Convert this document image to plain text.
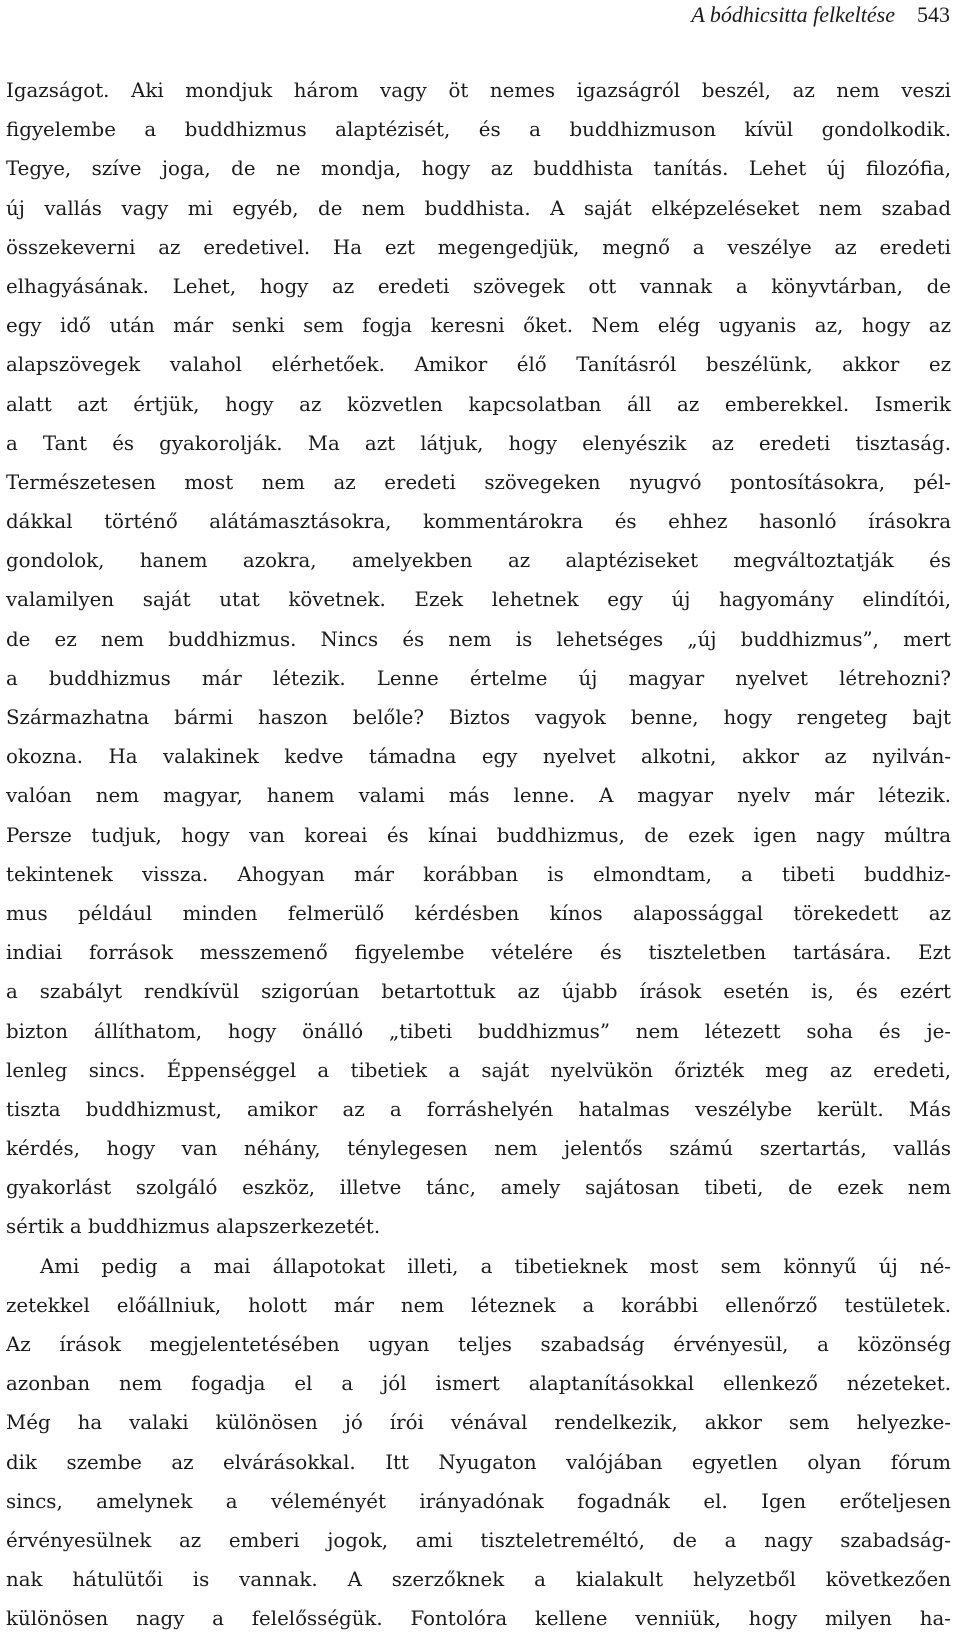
A bódhicsitta felkeltése 543
Igazságot. Aki mondjuk három vagy öt nemes igazságról beszél, az nem veszi
figyelembe a buddhizmus alaptézisét, és a buddhizmuson kívül gondolkodik.
Tegye, szíve joga, de ne mondja, hogy az buddhista tanítás. Lehet új filozófia,
új vallás vagy mi egyéb, de nem buddhista. A saját elképzeléseket nem szabad
összekeverni az eredetivel. Ha ezt megengedjük, megnő a veszélye az eredeti
elhagyásának. Lehet, hogy az eredeti szövegek ott vannak a könyvtárban, de
egy idő után már senki sem fogja keresni őket. Nem elég ugyanis az, hogy az
alapszövegek valahol elérhetőek. Amikor élő Tanításról beszélünk, akkor ez
alatt azt értjük, hogy az közvetlen kapcsolatban áll az emberekkel. Ismerik
a Tant és gyakorolják. Ma azt látjuk, hogy elenyészik az eredeti tisztaság.
Természetesen most nem az eredeti szövegeken nyugvó pontosításokra, pél-
dákkal történő alátámasztásokra, kommentárokra és ehhez hasonló írásokra
gondolok, hanem azokra, amelyekben az alaptéziseket megváltoztatják és
valamilyen saját utat követnek. Ezek lehetnek egy új hagyomány elindítói,
de ez nem buddhizmus. Nincs és nem is lehetséges „új buddhizmus”, mert
a buddhizmus már létezik. Lenne értelme új magyar nyelvet létrehozni?
Származhatna bármi haszon belőle? Biztos vagyok benne, hogy rengeteg bajt
okozna. Ha valakinek kedve támadna egy nyelvet alkotni, akkor az nyilván-
valóan nem magyar, hanem valami más lenne. A magyar nyelv már létezik.
Persze tudjuk, hogy van koreai és kínai buddhizmus, de ezek igen nagy múltra
tekintenek vissza. Ahogyan már korábban is elmondtam, a tibeti buddhiz-
mus például minden felmerülő kérdésben kínos alapossággal törekedett az
indiai források messzemenő figyelembe vételére és tiszteletben tartására. Ezt
a szabályt rendkívül szigorúan betartottuk az újabb írások esetén is, és ezért
bizton állíthatom, hogy önálló „tibeti buddhizmus” nem létezett soha és je-
lenleg sincs. Éppenséggel a tibetiek a saját nyelvükön őrizték meg az eredeti,
tiszta buddhizmust, amikor az a forráshelyén hatalmas veszélybe került. Más
kérdés, hogy van néhány, ténylegesen nem jelentős számú szertartás, vallás
gyakorlást szolgáló eszköz, illetve tánc, amely sajátosan tibeti, de ezek nem
sértik a buddhizmus alapszerkezetét.
Ami pedig a mai állapotokat illeti, a tibetieknek most sem könnyű új né-
zetekkel előállniuk, holott már nem léteznek a korábbi ellenőrző testületek.
Az írások megjelentetésében ugyan teljes szabadság érvényesül, a közönség
azonban nem fogadja el a jól ismert alaptanításokkal ellenkező nézeteket.
Még ha valaki különösen jó írói vénával rendelkezik, akkor sem helyezke-
dik szembe az elvárásokkal. Itt Nyugaton valójában egyetlen olyan fórum
sincs, amelynek a véleményét irányadónak fogadnák el. Igen erőteljesen
érvényesülnek az emberi jogok, ami tiszteletreméltó, de a nagy szabadság-
nak hátulütői is vannak. A szerzőknek a kialakult helyzetből következően
különösen nagy a felelősségük. Fontolóra kellene venniük, hogy milyen ha-
